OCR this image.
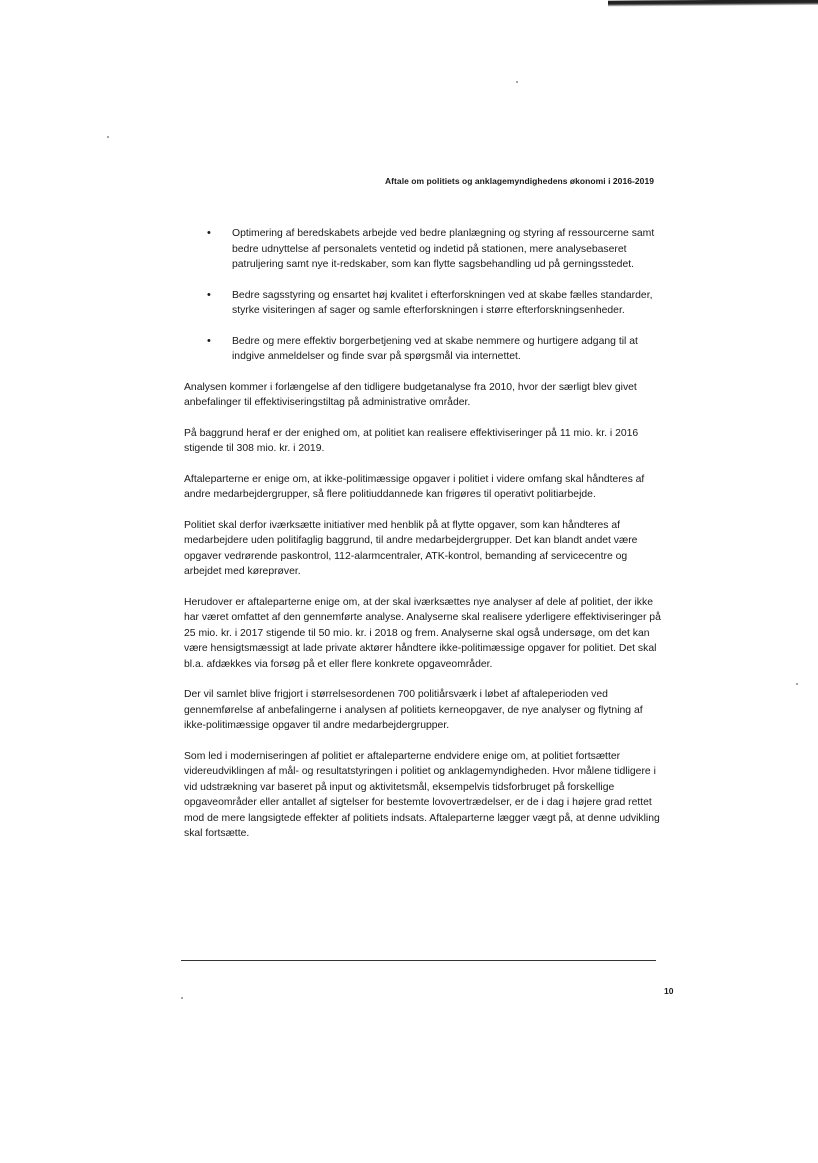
Aftale om politiets og anklagemyndighedens økonomi i 2016-2019
• Optimering af beredskabets arbejde ved bedre planlægning og styring af ressourcerne samt bedre udnyttelse af personalets ventetid og indetid på stationen, mere analysebaseret patruljering samt nye it-redskaber, som kan flytte sagsbehandling ud på gerningsstedet.
• Bedre sagsstyring og ensartet høj kvalitet i efterforskningen ved at skabe fælles standarder, styrke visiteringen af sager og samle efterforskningen i større efterforskningsenheder.
• Bedre og mere effektiv borgerbetjening ved at skabe nemmere og hurtigere adgang til at indgive anmeldelser og finde svar på spørgsmål via internettet.

Analysen kommer i forlængelse af den tidligere budgetanalyse fra 2010, hvor der særligt blev givet anbefalinger til effektiviseringstiltag på administrative områder.

På baggrund heraf er der enighed om, at politiet kan realisere effektiviseringer på 11 mio. kr. i 2016 stigende til 308 mio. kr. i 2019.

Aftaleparterne er enige om, at ikke-politimæssige opgaver i politiet i videre omfang skal håndteres af andre medarbejdergrupper, så flere politiuddannede kan frigøres til operativt politiarbejde.

Politiet skal derfor iværksætte initiativer med henblik på at flytte opgaver, som kan håndteres af medarbejdere uden politifaglig baggrund, til andre medarbejdergrupper. Det kan blandt andet være opgaver vedrørende paskontrol, 112-alarmcentraler, ATK-kontrol, bemanding af servicecentre og arbejdet med køreprøver.

Herudover er aftaleparterne enige om, at der skal iværksættes nye analyser af dele af politiet, der ikke har været omfattet af den gennemførte analyse. Analyserne skal realisere yderligere effektiviseringer på 25 mio. kr. i 2017 stigende til 50 mio. kr. i 2018 og frem. Analyserne skal også undersøge, om det kan være hensigtsmæssigt at lade private aktører håndtere ikke-politimæssige opgaver for politiet. Det skal bl.a. afdækkes via forsøg på et eller flere konkrete opgaveområder.

Der vil samlet blive frigjort i størrelsesordenen 700 politiårsværk i løbet af aftaleperioden ved gennemførelse af anbefalingerne i analysen af politiets kerneopgaver, de nye analyser og flytning af ikke-politimæssige opgaver til andre medarbejdergrupper.

Som led i moderniseringen af politiet er aftaleparterne endvidere enige om, at politiet fortsætter videreudviklingen af mål- og resultatstyringen i politiet og anklagemyndigheden. Hvor målene tidligere i vid udstrækning var baseret på input og aktivitetsmål, eksempelvis tidsforbruget på forskellige opgaveområder eller antallet af sigtelser for bestemte lovovertrædelser, er de i dag i højere grad rettet mod de mere langsigtede effekter af politiets indsats. Aftaleparterne lægger vægt på, at denne udvikling skal fortsætte.

10
